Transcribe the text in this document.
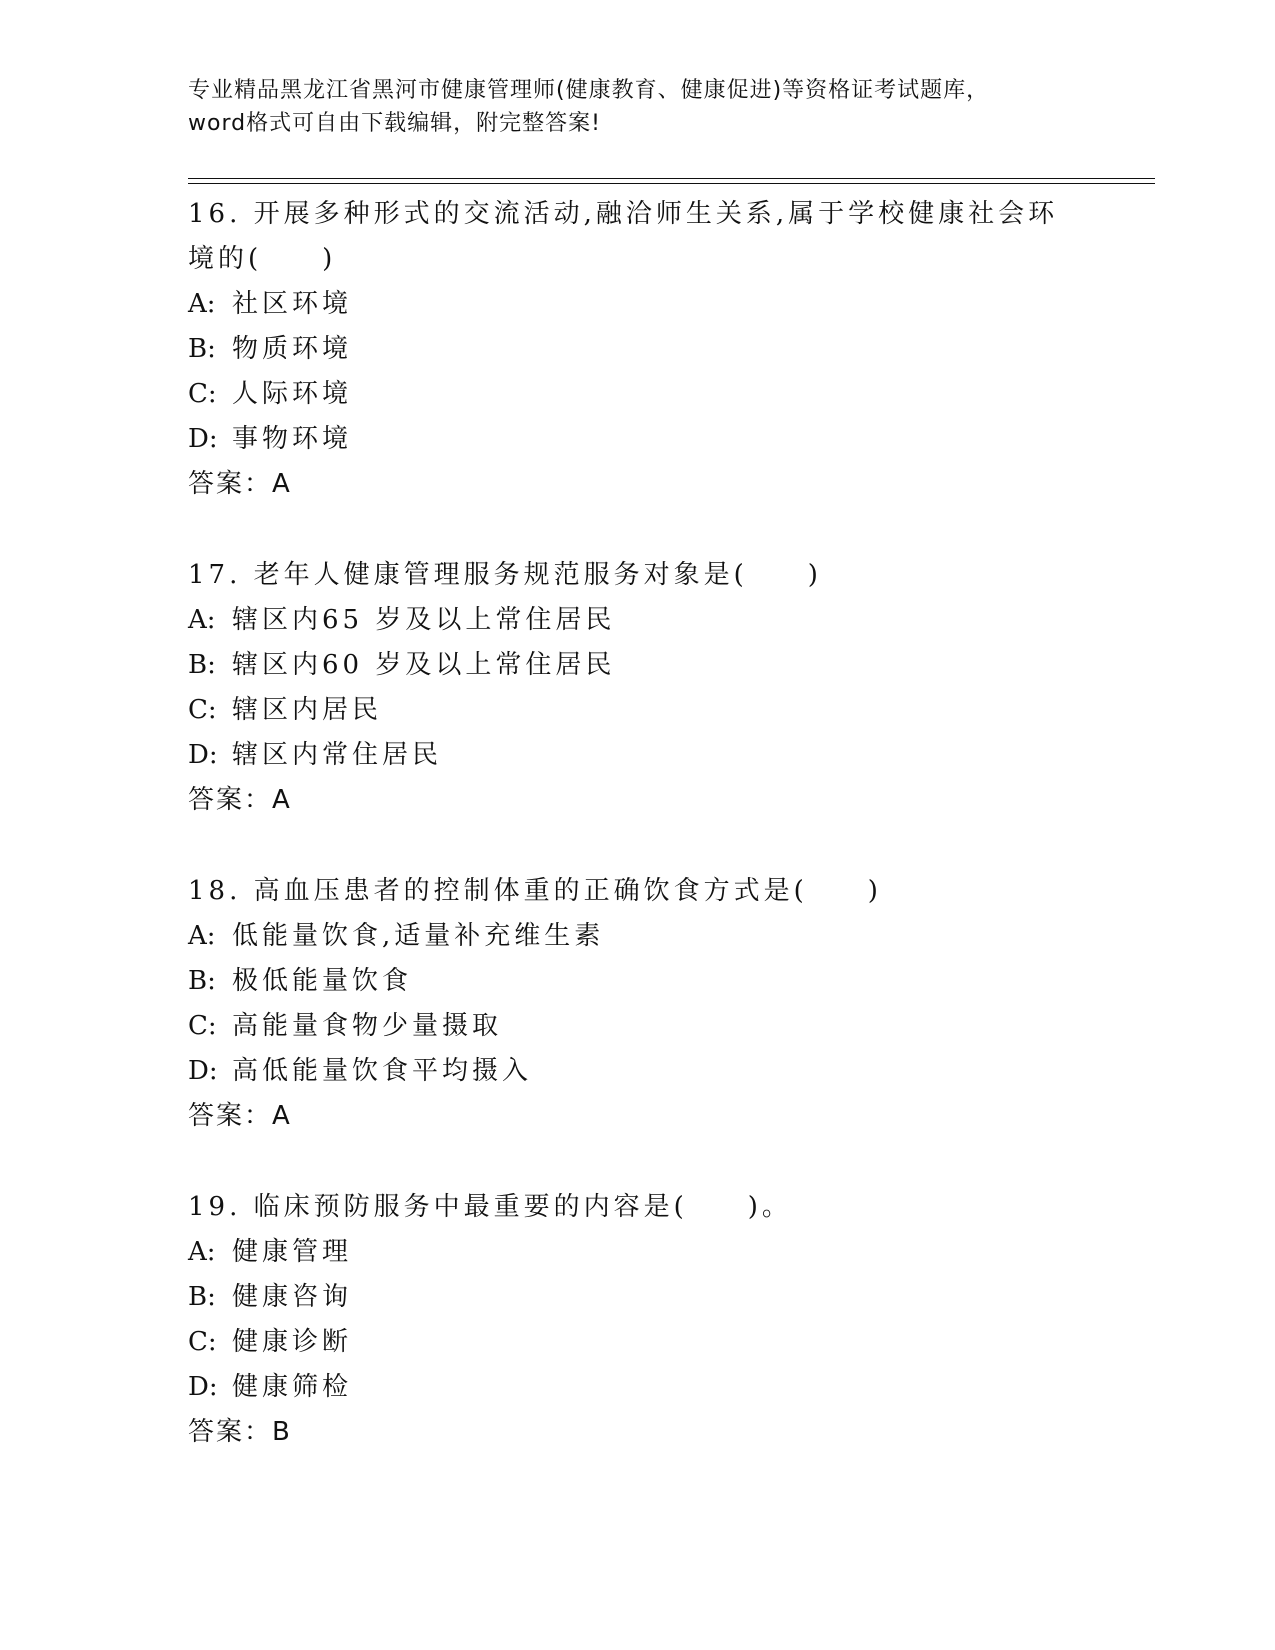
专业精品黑龙江省黑河市健康管理师(健康教育、健康促进)等资格证考试题库，
word格式可自由下载编辑，附完整答案!

16. 开展多种形式的交流活动,融洽师生关系,属于学校健康社会环境的(　　)

A: 社区环境

B: 物质环境

C: 人际环境

D: 事物环境

答案：A

17. 老年人健康管理服务规范服务对象是(　　)

A: 辖区内65 岁及以上常住居民

B: 辖区内60 岁及以上常住居民

C: 辖区内居民

D: 辖区内常住居民

答案：A

18. 高血压患者的控制体重的正确饮食方式是(　　)

A: 低能量饮食,适量补充维生素

B: 极低能量饮食

C: 高能量食物少量摄取

D: 高低能量饮食平均摄入

答案：A

19. 临床预防服务中最重要的内容是(　　)。

A: 健康管理

B: 健康咨询

C: 健康诊断

D: 健康筛检

答案：B
